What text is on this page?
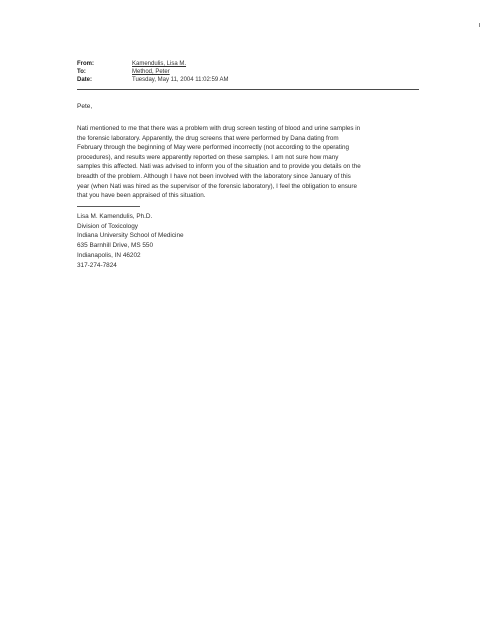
From:	Kamendulis, Lisa M.
To:	Method, Peter
Date:	Tuesday, May 11, 2004 11:02:59 AM
Pete,
Nati mentioned to me that there was a problem with drug screen testing of blood and urine samples in
the forensic laboratory. Apparently, the drug screens that were performed by Dana dating from
February through the beginning of May were performed incorrectly (not according to the operating
procedures), and results were apparently reported on these samples. I am not sure how many
samples this affected. Nati was advised to inform you of the situation and to provide you details on the
breadth of the problem. Although I have not been involved with the laboratory since January of this
year (when Nati was hired as the supervisor of the forensic laboratory), I feel the obligation to ensure
that you have been appraised of this situation.
Lisa M. Kamendulis, Ph.D.
Division of Toxicology
Indiana University School of Medicine
635 Barnhill Drive, MS 550
Indianapolis, IN 46202
317-274-7824
